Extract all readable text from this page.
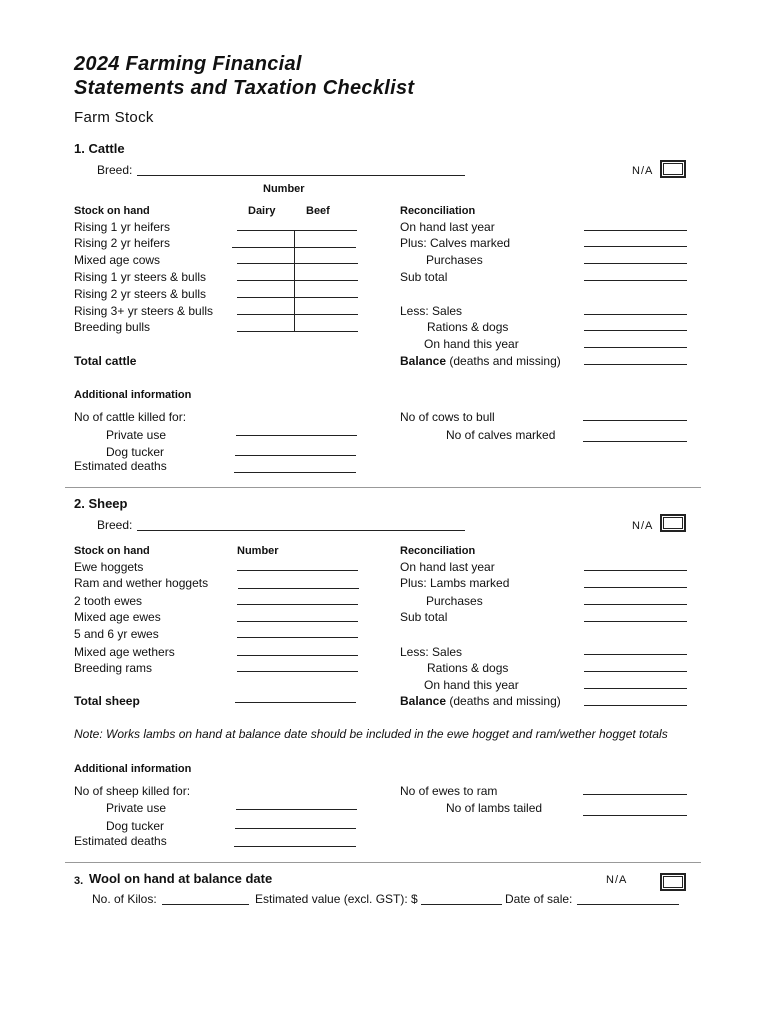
2024 Farming Financial
Statements and Taxation Checklist
Farm Stock
1. Cattle
Breed:	N/A
Number
Stock on hand	Dairy	Beef
Rising 1 yr heifers
Rising 2 yr heifers
Mixed age cows
Rising 1 yr steers & bulls
Rising 2 yr steers & bulls
Rising 3+ yr steers & bulls
Breeding bulls
Total cattle
Reconciliation
On hand last year
Plus: Calves marked
Purchases
Sub total
Less: Sales
Rations & dogs
On hand this year
Balance (deaths and missing)
Additional information
No of cattle killed for:
Private use
Dog tucker
Estimated deaths
No of cows to bull
No of calves marked
2. Sheep
Breed:	N/A
Stock on hand	Number
Ewe hoggets
Ram and wether hoggets
2 tooth ewes
Mixed age ewes
5 and 6 yr ewes
Mixed age wethers
Breeding rams
Total sheep
Reconciliation
On hand last year
Plus: Lambs marked
Purchases
Sub total
Less: Sales
Rations & dogs
On hand this year
Balance (deaths and missing)
Note: Works lambs on hand at balance date should be included in the ewe hogget and ram/wether hogget totals
Additional information
No of sheep killed for:
Private use
Dog tucker
Estimated deaths
No of ewes to ram
No of lambs tailed
3. Wool on hand at balance date	N/A
No. of Kilos:	Estimated value (excl. GST): $	Date of sale:
